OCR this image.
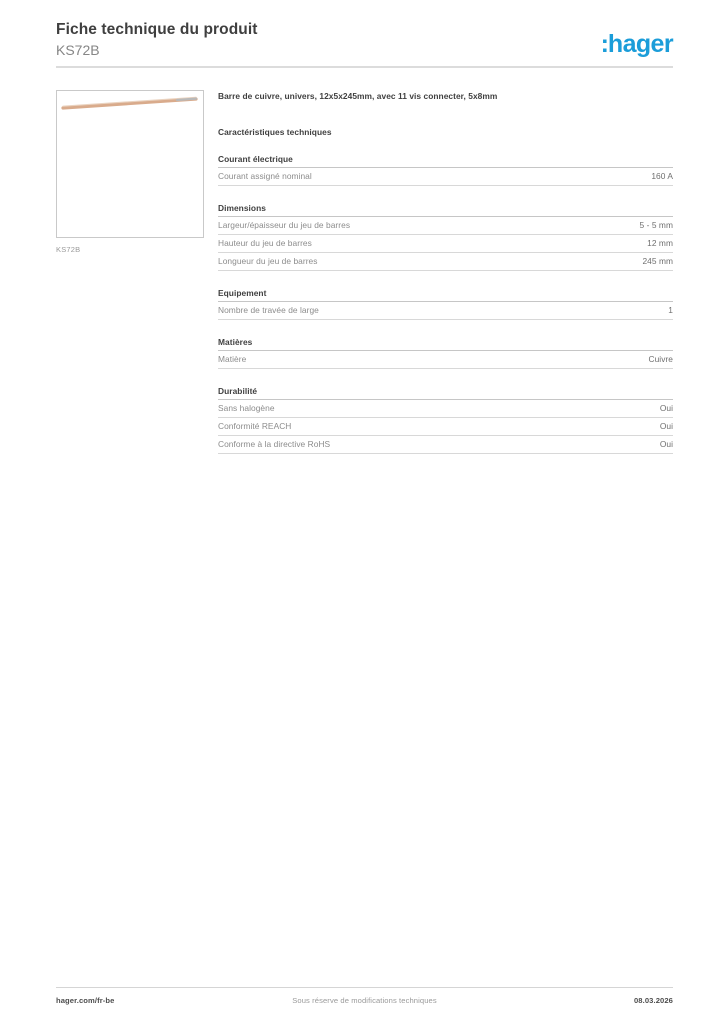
Fiche technique du produit
KS72B	:hager
KS72B
Barre de cuivre, univers, 12x5x245mm, avec 11 vis connecter, 5x8mm
Caractéristiques techniques
Courant électrique
Courant assigné nominal	160 A
Dimensions
Largeur/épaisseur du jeu de barres	5 - 5 mm
Hauteur du jeu de barres	12 mm
Longueur du jeu de barres	245 mm
Equipement
Nombre de travée de large	1
Matières
Matière	Cuivre
Durabilité
Sans halogène	Oui
Conformité REACH	Oui
Conforme à la directive RoHS	Oui
hager.com/fr-be	Sous réserve de modifications techniques	08.03.2026
